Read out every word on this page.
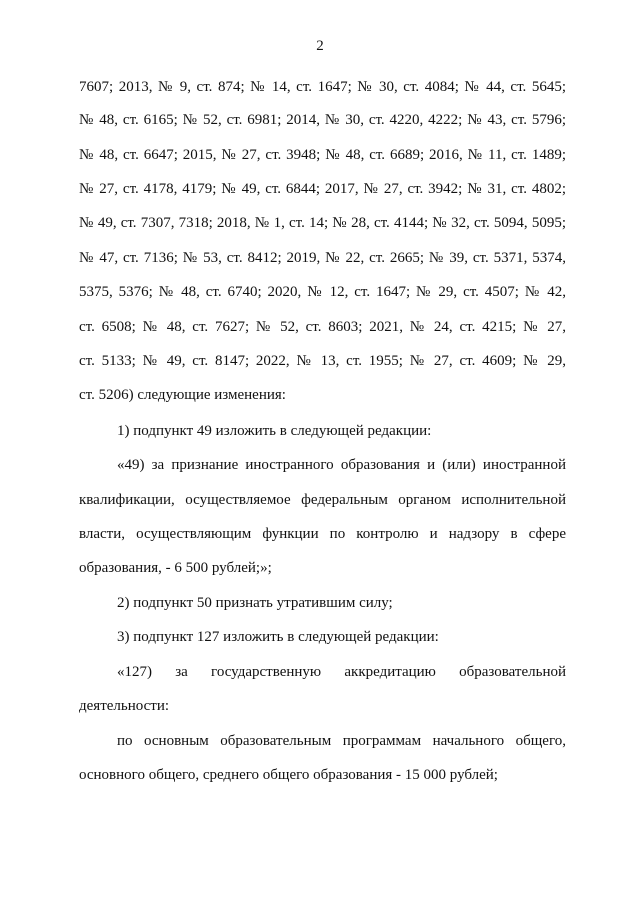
2
7607; 2013, № 9, ст. 874; № 14, ст. 1647; № 30, ст. 4084; № 44, ст. 5645;
№ 48, ст. 6165; № 52, ст. 6981; 2014, № 30, ст. 4220, 4222; № 43, ст. 5796;
№ 48, ст. 6647; 2015, № 27, ст. 3948; № 48, ст. 6689; 2016, № 11, ст. 1489;
№ 27, ст. 4178, 4179; № 49, ст. 6844; 2017, № 27, ст. 3942; № 31, ст. 4802;
№ 49, ст. 7307, 7318; 2018, № 1, ст. 14; № 28, ст. 4144; № 32, ст. 5094, 5095;
№ 47, ст. 7136; № 53, ст. 8412; 2019, № 22, ст. 2665; № 39, ст. 5371, 5374,
5375, 5376; № 48, ст. 6740; 2020, № 12, ст. 1647; № 29, ст. 4507; № 42,
ст. 6508; № 48, ст. 7627; № 52, ст. 8603; 2021, № 24, ст. 4215; № 27,
ст. 5133; № 49, ст. 8147; 2022, № 13, ст. 1955; № 27, ст. 4609; № 29,
ст. 5206) следующие изменения:
1) подпункт 49 изложить в следующей редакции:
«49) за признание иностранного образования и (или) иностранной
квалификации, осуществляемое федеральным органом исполнительной
власти, осуществляющим функции по контролю и надзору в сфере
образования, - 6 500 рублей;»;
2) подпункт 50 признать утратившим силу;
3) подпункт 127 изложить в следующей редакции:
«127) за государственную аккредитацию образовательной
деятельности:
по основным образовательным программам начального общего,
основного общего, среднего общего образования - 15 000 рублей;
